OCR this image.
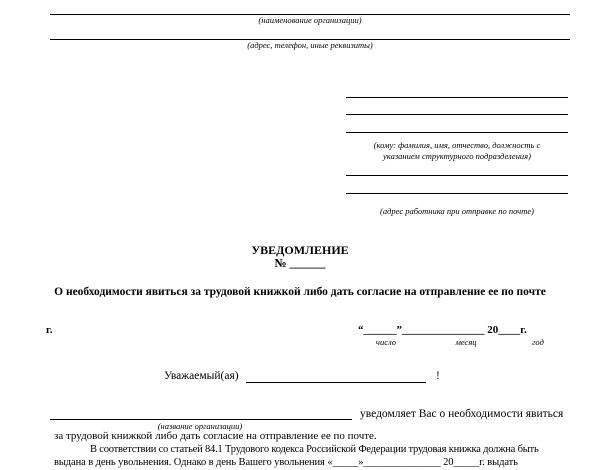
(наименование организации)
(адрес, телефон, иные реквизиты)
(кому: фамилия, имя, отчество, должность с
указанием структурного подразделения)
(адрес работника при отправке по почте)
УВЕДОМЛЕНИЕ
№ ______
О необходимости явиться за трудовой книжкой либо дать согласие на отправление ее по почте
г.	“______”_______________ 20____г.
число	месяц	год
Уважаемый(ая)	!
(название организации)
уведомляет Вас о необходимости явиться
за трудовой книжкой либо дать согласие на отправление ее по почте.
В соответствии со статьей 84.1 Трудового кодекса Российской Федерации трудовая книжка должна быть
выдана в день увольнения. Однако в день Вашего увольнения «_____»_______________ 20_____г. выдать
